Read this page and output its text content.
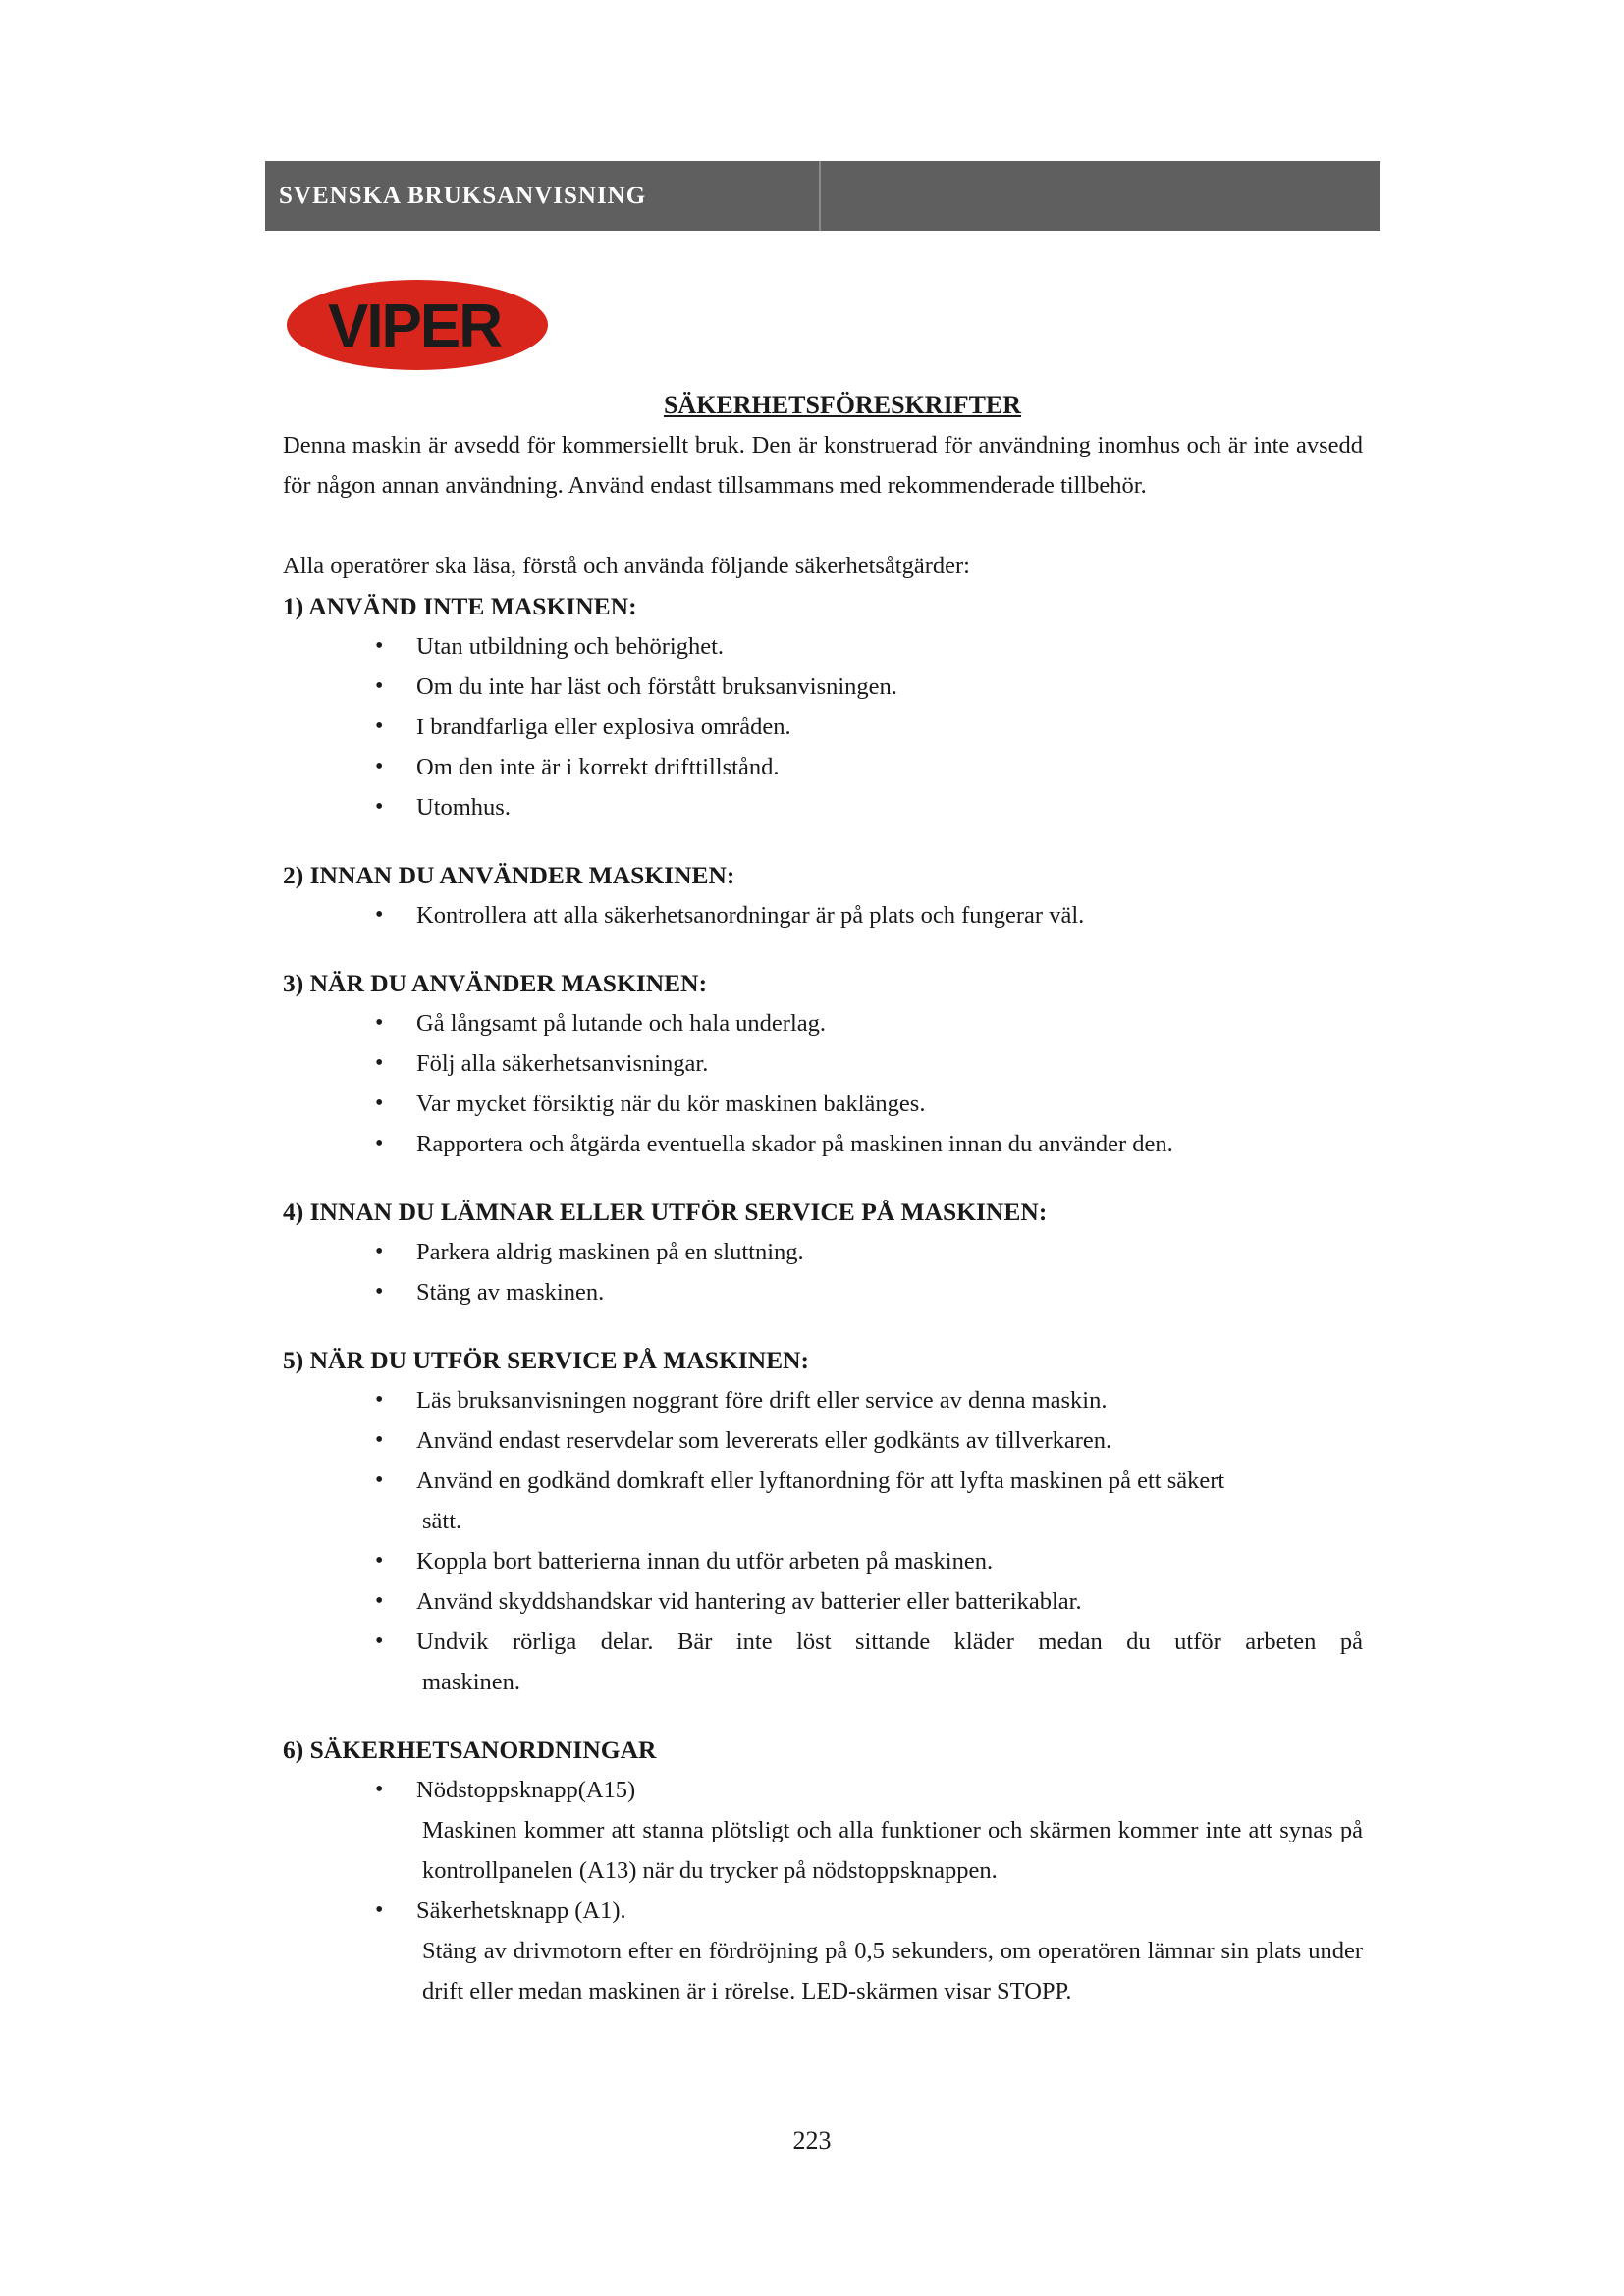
SVENSKA BRUKSANVISNING
VIPER

SÄKERHETSFÖRESKRIFTER

Denna maskin är avsedd för kommersiellt bruk. Den är konstruerad för användning inomhus och är inte avsedd för någon annan användning. Använd endast tillsammans med rekommenderade tillbehör.

Alla operatörer ska läsa, förstå och använda följande säkerhetsåtgärder:

1) ANVÄND INTE MASKINEN:

• Utan utbildning och behörighet.
• Om du inte har läst och förstått bruksanvisningen.
• I brandfarliga eller explosiva områden.
• Om den inte är i korrekt drifttillstånd.
• Utomhus.

2) INNAN DU ANVÄNDER MASKINEN:

• Kontrollera att alla säkerhetsanordningar är på plats och fungerar väl.

3) NÄR DU ANVÄNDER MASKINEN:

• Gå långsamt på lutande och hala underlag.
• Följ alla säkerhetsanvisningar.
• Var mycket försiktig när du kör maskinen baklänges.
• Rapportera och åtgärda eventuella skador på maskinen innan du använder den.

4) INNAN DU LÄMNAR ELLER UTFÖR SERVICE PÅ MASKINEN:

• Parkera aldrig maskinen på en sluttning.
• Stäng av maskinen.

5) NÄR DU UTFÖR SERVICE PÅ MASKINEN:

• Läs bruksanvisningen noggrant före drift eller service av denna maskin.
• Använd endast reservdelar som levererats eller godkänts av tillverkaren.
• Använd en godkänd domkraft eller lyftanordning för att lyfta maskinen på ett säkert

sätt.

• Koppla bort batterierna innan du utför arbeten på maskinen.
• Använd skyddshandskar vid hantering av batterier eller batterikablar.
• Undvik rörliga delar. Bär inte löst sittande kläder medan du utför arbeten på

maskinen.

6) SÄKERHETSANORDNINGAR

• Nödstoppsknapp(A15)

Maskinen kommer att stanna plötsligt och alla funktioner och skärmen kommer inte att synas på kontrollpanelen (A13) när du trycker på nödstoppsknappen.

• Säkerhetsknapp (A1).

Stäng av drivmotorn efter en fördröjning på 0,5 sekunders, om operatören lämnar sin plats under drift eller medan maskinen är i rörelse. LED-skärmen visar STOPP.

223
